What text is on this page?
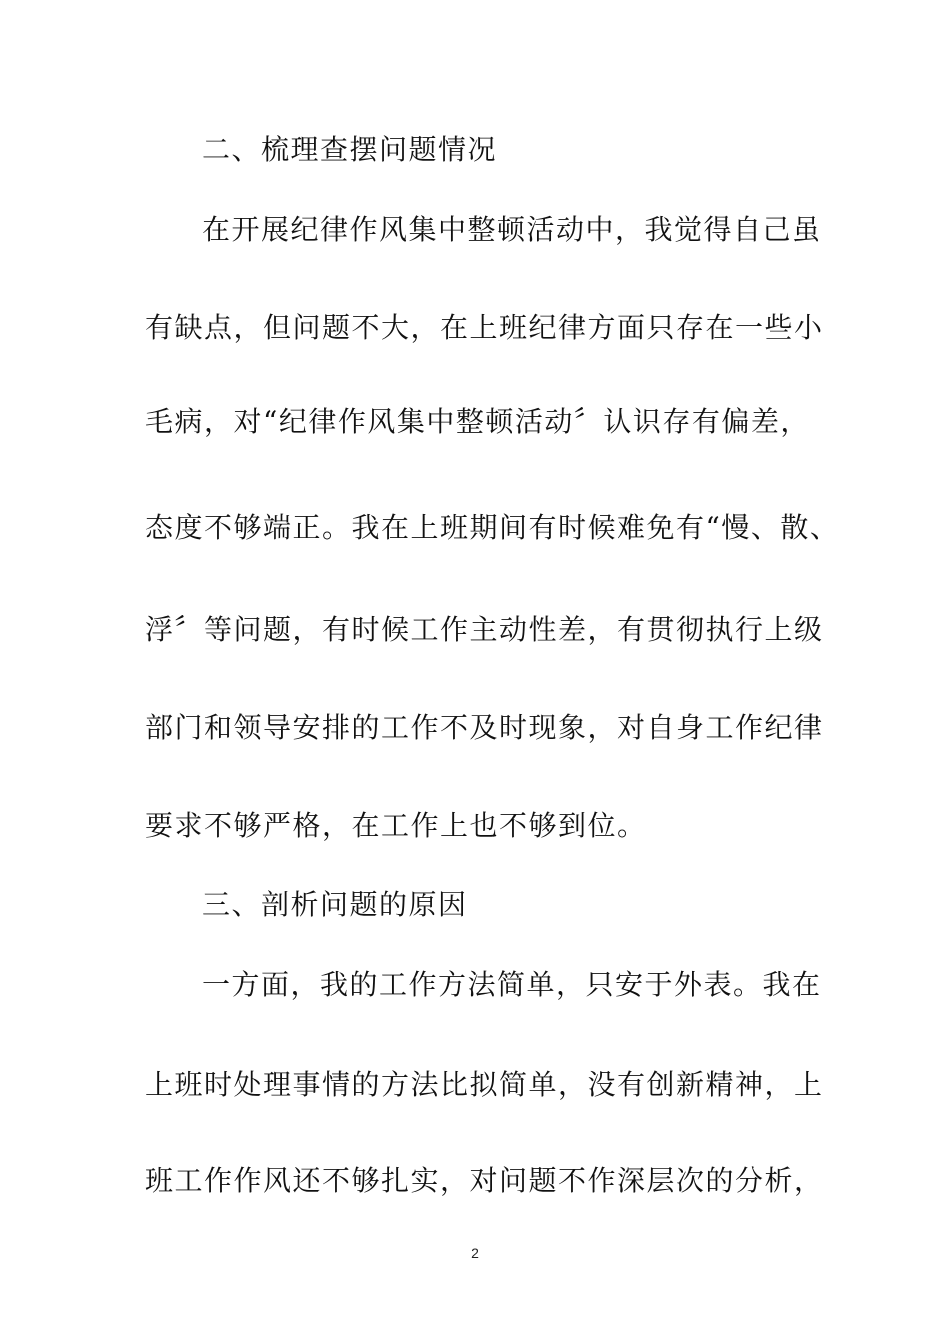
二、梳理查摆问题情况
在开展纪律作风集中整顿活动中，我觉得自己虽
有缺点，但问题不大，在上班纪律方面只存在一些小
毛病，对“纪律作风集中整顿活动〞认识存有偏差，
态度不够端正。我在上班期间有时候难免有“慢、散、
浮〞等问题，有时候工作主动性差，有贯彻执行上级
部门和领导安排的工作不及时现象，对自身工作纪律
要求不够严格，在工作上也不够到位。
三、剖析问题的原因
一方面，我的工作方法简单，只安于外表。我在
上班时处理事情的方法比拟简单，没有创新精神，上
班工作作风还不够扎实，对问题不作深层次的分析，
2
